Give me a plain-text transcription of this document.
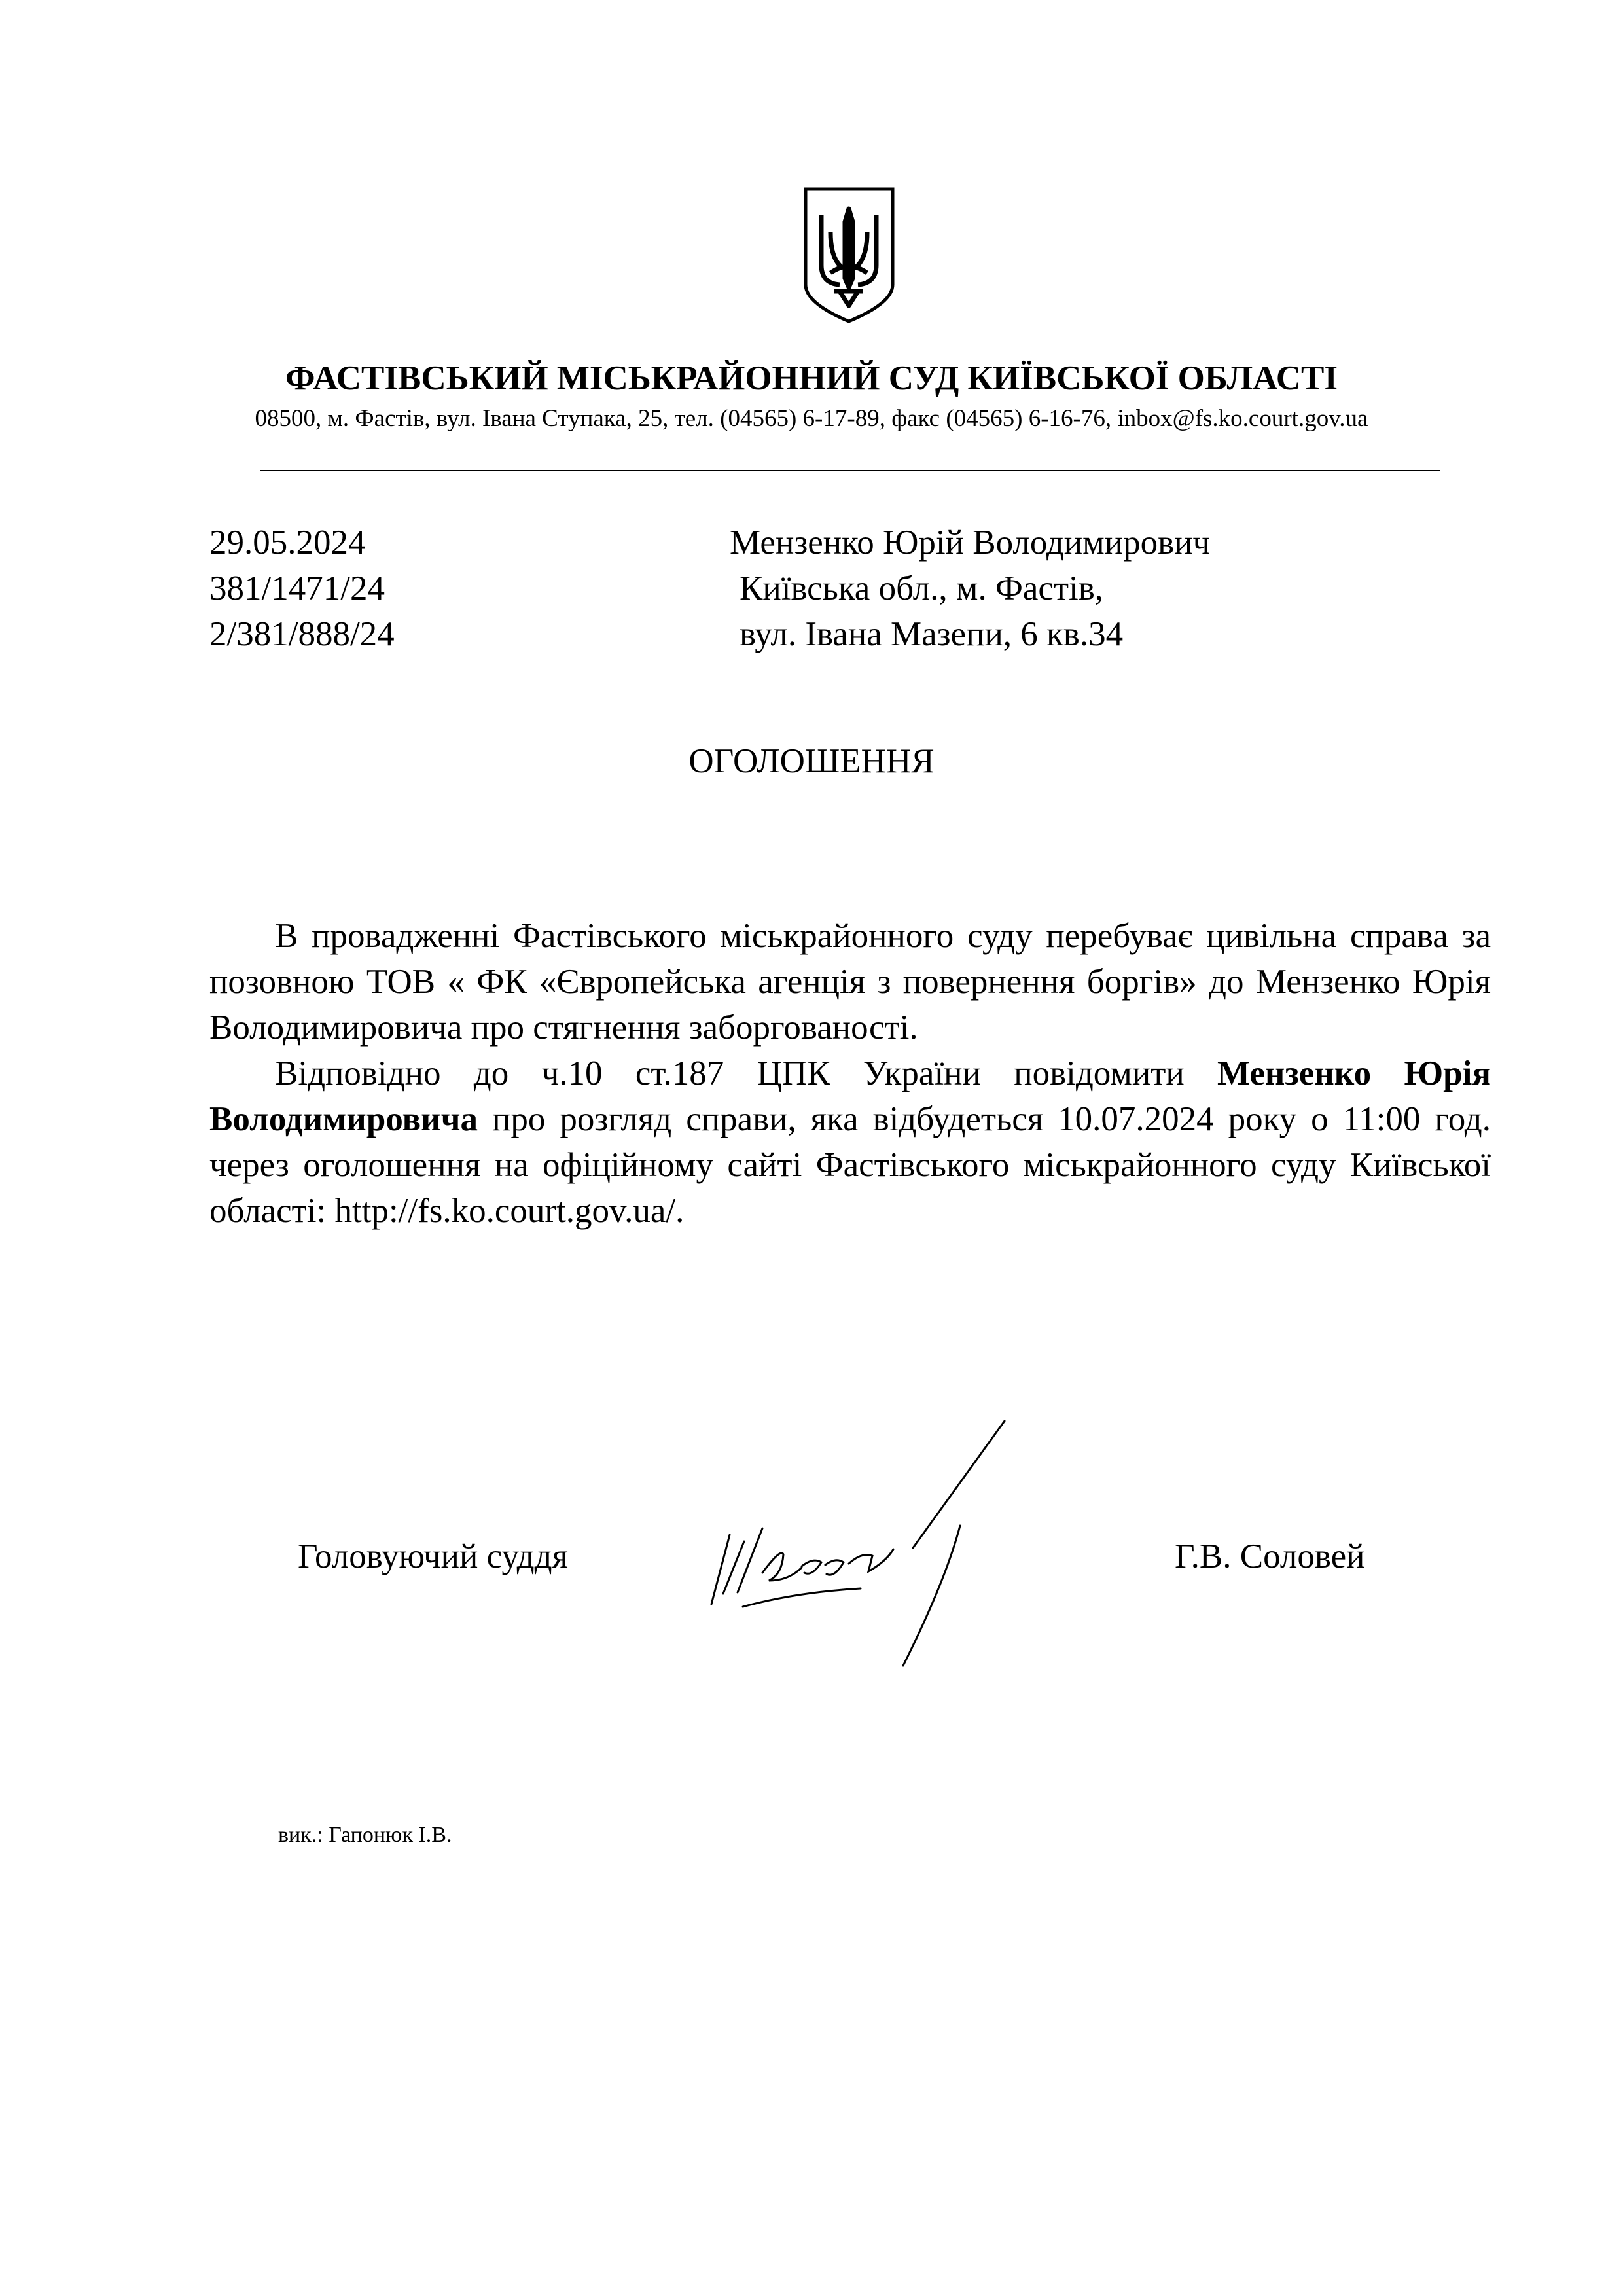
ФАСТІВСЬКИЙ МІСЬКРАЙОННИЙ СУД КИЇВСЬКОЇ ОБЛАСТІ
08500, м. Фастів, вул. Івана Ступака, 25, тел. (04565) 6-17-89, факс (04565) 6-16-76, inbox@fs.ko.court.gov.ua
29.05.2024
381/1471/24
2/381/888/24
Мензенко Юрій Володимирович
Київська обл., м. Фастів,
вул. Івана Мазепи, 6 кв.34
ОГОЛОШЕННЯ

В провадженні Фастівського міськрайонного суду перебуває цивільна справа за позовною ТОВ « ФК «Європейська агенція з повернення боргів» до Мензенко Юрія Володимировича про стягнення заборгованості.

Відповідно до ч.10 ст.187 ЦПК України повідомити Мензенко Юрія Володимировича про розгляд справи, яка відбудеться 10.07.2024 року о 11:00 год. через оголошення на офіційному сайті Фастівського міськрайонного суду Київської області: http://fs.ko.court.gov.ua/.

Головуючий суддя	Г.В. Соловей
вик.: Гапонюк І.В.
